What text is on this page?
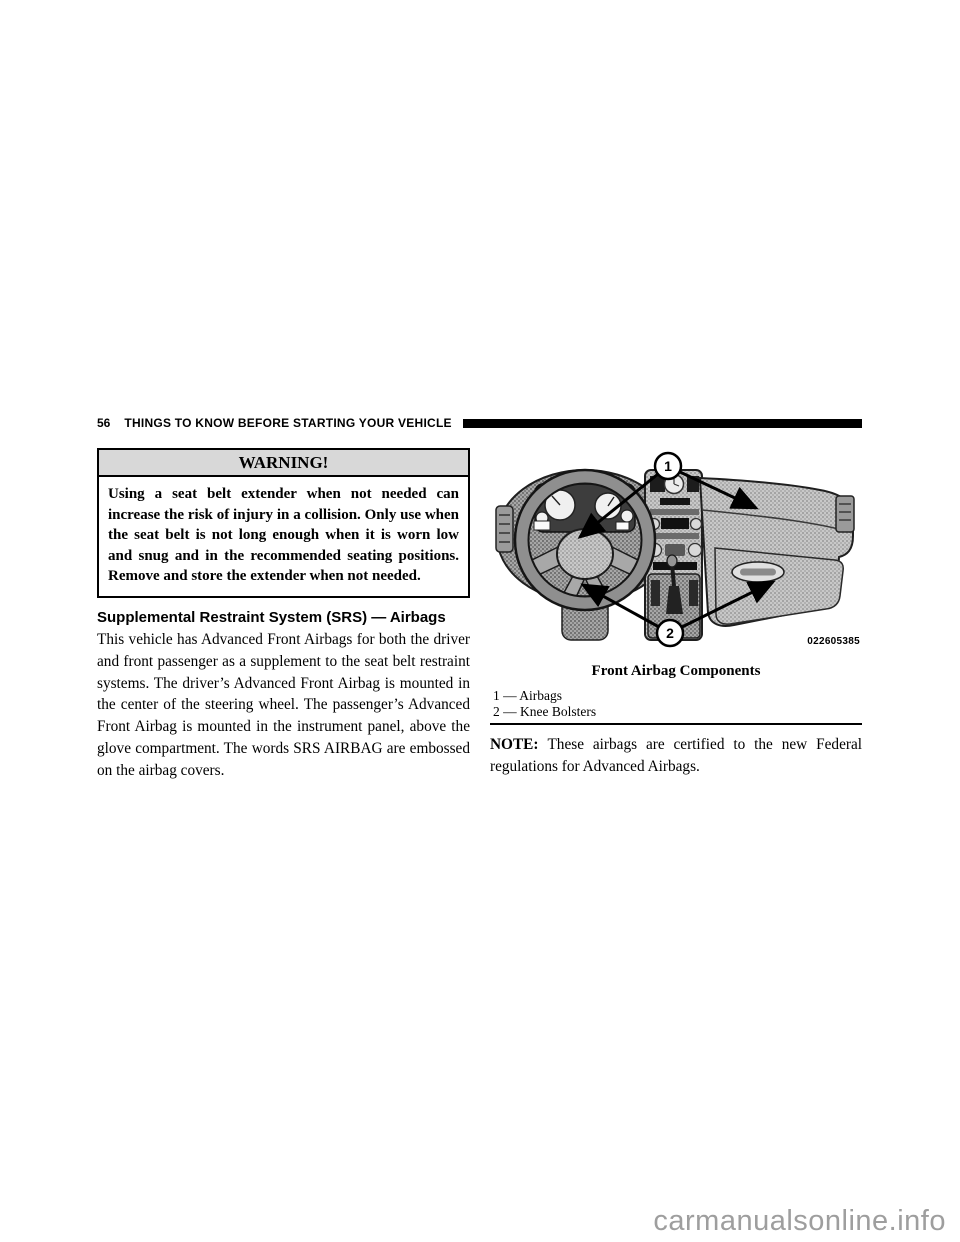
56 THINGS TO KNOW BEFORE STARTING YOUR VEHICLE
WARNING!
Using a seat belt extender when not needed can increase the risk of injury in a collision. Only use when the seat belt is not long enough when it is worn low and snug and in the recommended seating positions. Remove and store the extender when not needed.
Supplemental Restraint System (SRS) — Airbags
This vehicle has Advanced Front Airbags for both the driver and front passenger as a supplement to the seat belt restraint systems. The driver’s Advanced Front Airbag is mounted in the center of the steering wheel. The passenger’s Advanced Front Airbag is mounted in the instrument panel, above the glove compartment. The words SRS AIRBAG are embossed on the airbag covers.
1
2
022605385
Front Airbag Components
1 — Airbags
2 — Knee Bolsters
NOTE: These airbags are certified to the new Federal regulations for Advanced Airbags.
carmanualsonline.info
